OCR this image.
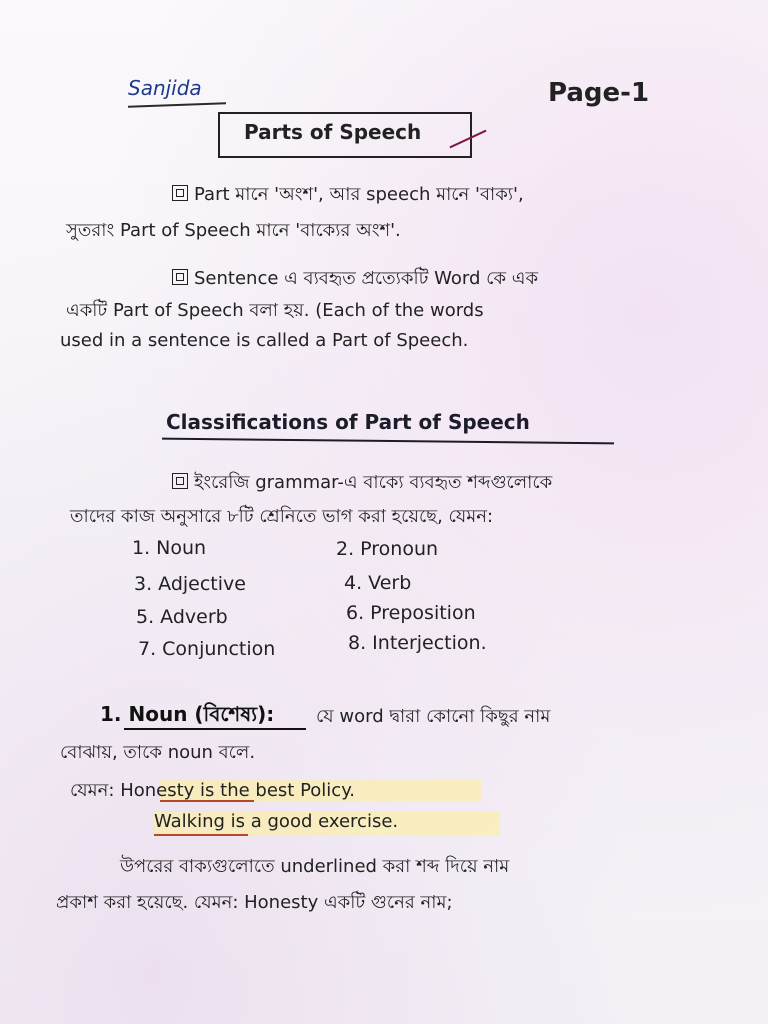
Sanjida	Page-1
Parts of Speech
Part মানে 'অংশ', আর speech মানে 'বাক্য',
সুতরাং Part of Speech মানে 'বাক্যের অংশ'.
Sentence এ ব্যবহৃত প্রত্যেকটি Word কে এক
একটি Part of Speech বলা হয়. (Each of the words
used in a sentence is called a Part of Speech.
Classifications of Part of Speech
ইংরেজি grammar-এ বাক্যে ব্যবহৃত শব্দগুলোকে
তাদের কাজ অনুসারে ৮টি শ্রেনিতে ভাগ করা হয়েছে, যেমন:
1. Noun	2. Pronoun
3. Adjective	4. Verb
5. Adverb	6. Preposition
7. Conjunction	8. Interjection.
1. Noun (বিশেষ্য): যে word দ্বারা কোনো কিছুর নাম
বোঝায়, তাকে noun বলে.
যেমন: Honesty is the best Policy.
Walking is a good exercise.
উপরের বাক্যগুলোতে underlined করা শব্দ দিয়ে নাম
প্রকাশ করা হয়েছে. যেমন: Honesty একটি গুনের নাম;
